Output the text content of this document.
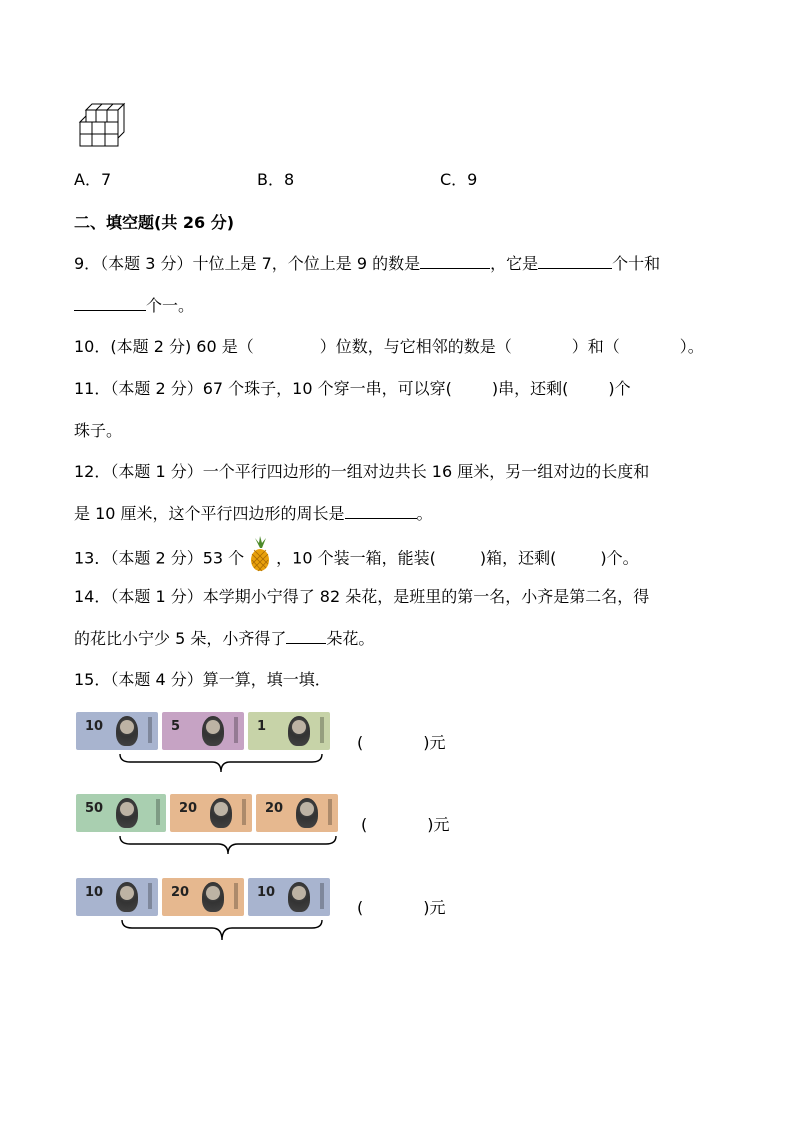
A．7	B．8	C．9
二、填空题(共 26 分)
9．（本题 3 分）十位上是 7，个位上是 9 的数是	，它是	个十和
个一。
10．(本题 2 分) 60 是（	）位数，与它相邻的数是（	）和（	）。
11．（本题 2 分）67 个珠子，10 个穿一串，可以穿(	)串，还剩(	)个
珠子。
12．（本题 1 分）一个平行四边形的一组对边共长 16 厘米，另一组对边的长度和
是 10 厘米，这个平行四边形的周长是	。
13．（本题 2 分）53 个 ，10 个装一箱，能装(	)箱，还剩(	)个。
14．（本题 1 分）本学期小宁得了 82 朵花，是班里的第一名，小齐是第二名，得
的花比小宁少 5 朵，小齐得了	朵花。
15．（本题 4 分）算一算，填一填．
10	5	1
(	)元
50	20	20
(	)元
10	20	10
(	)元
